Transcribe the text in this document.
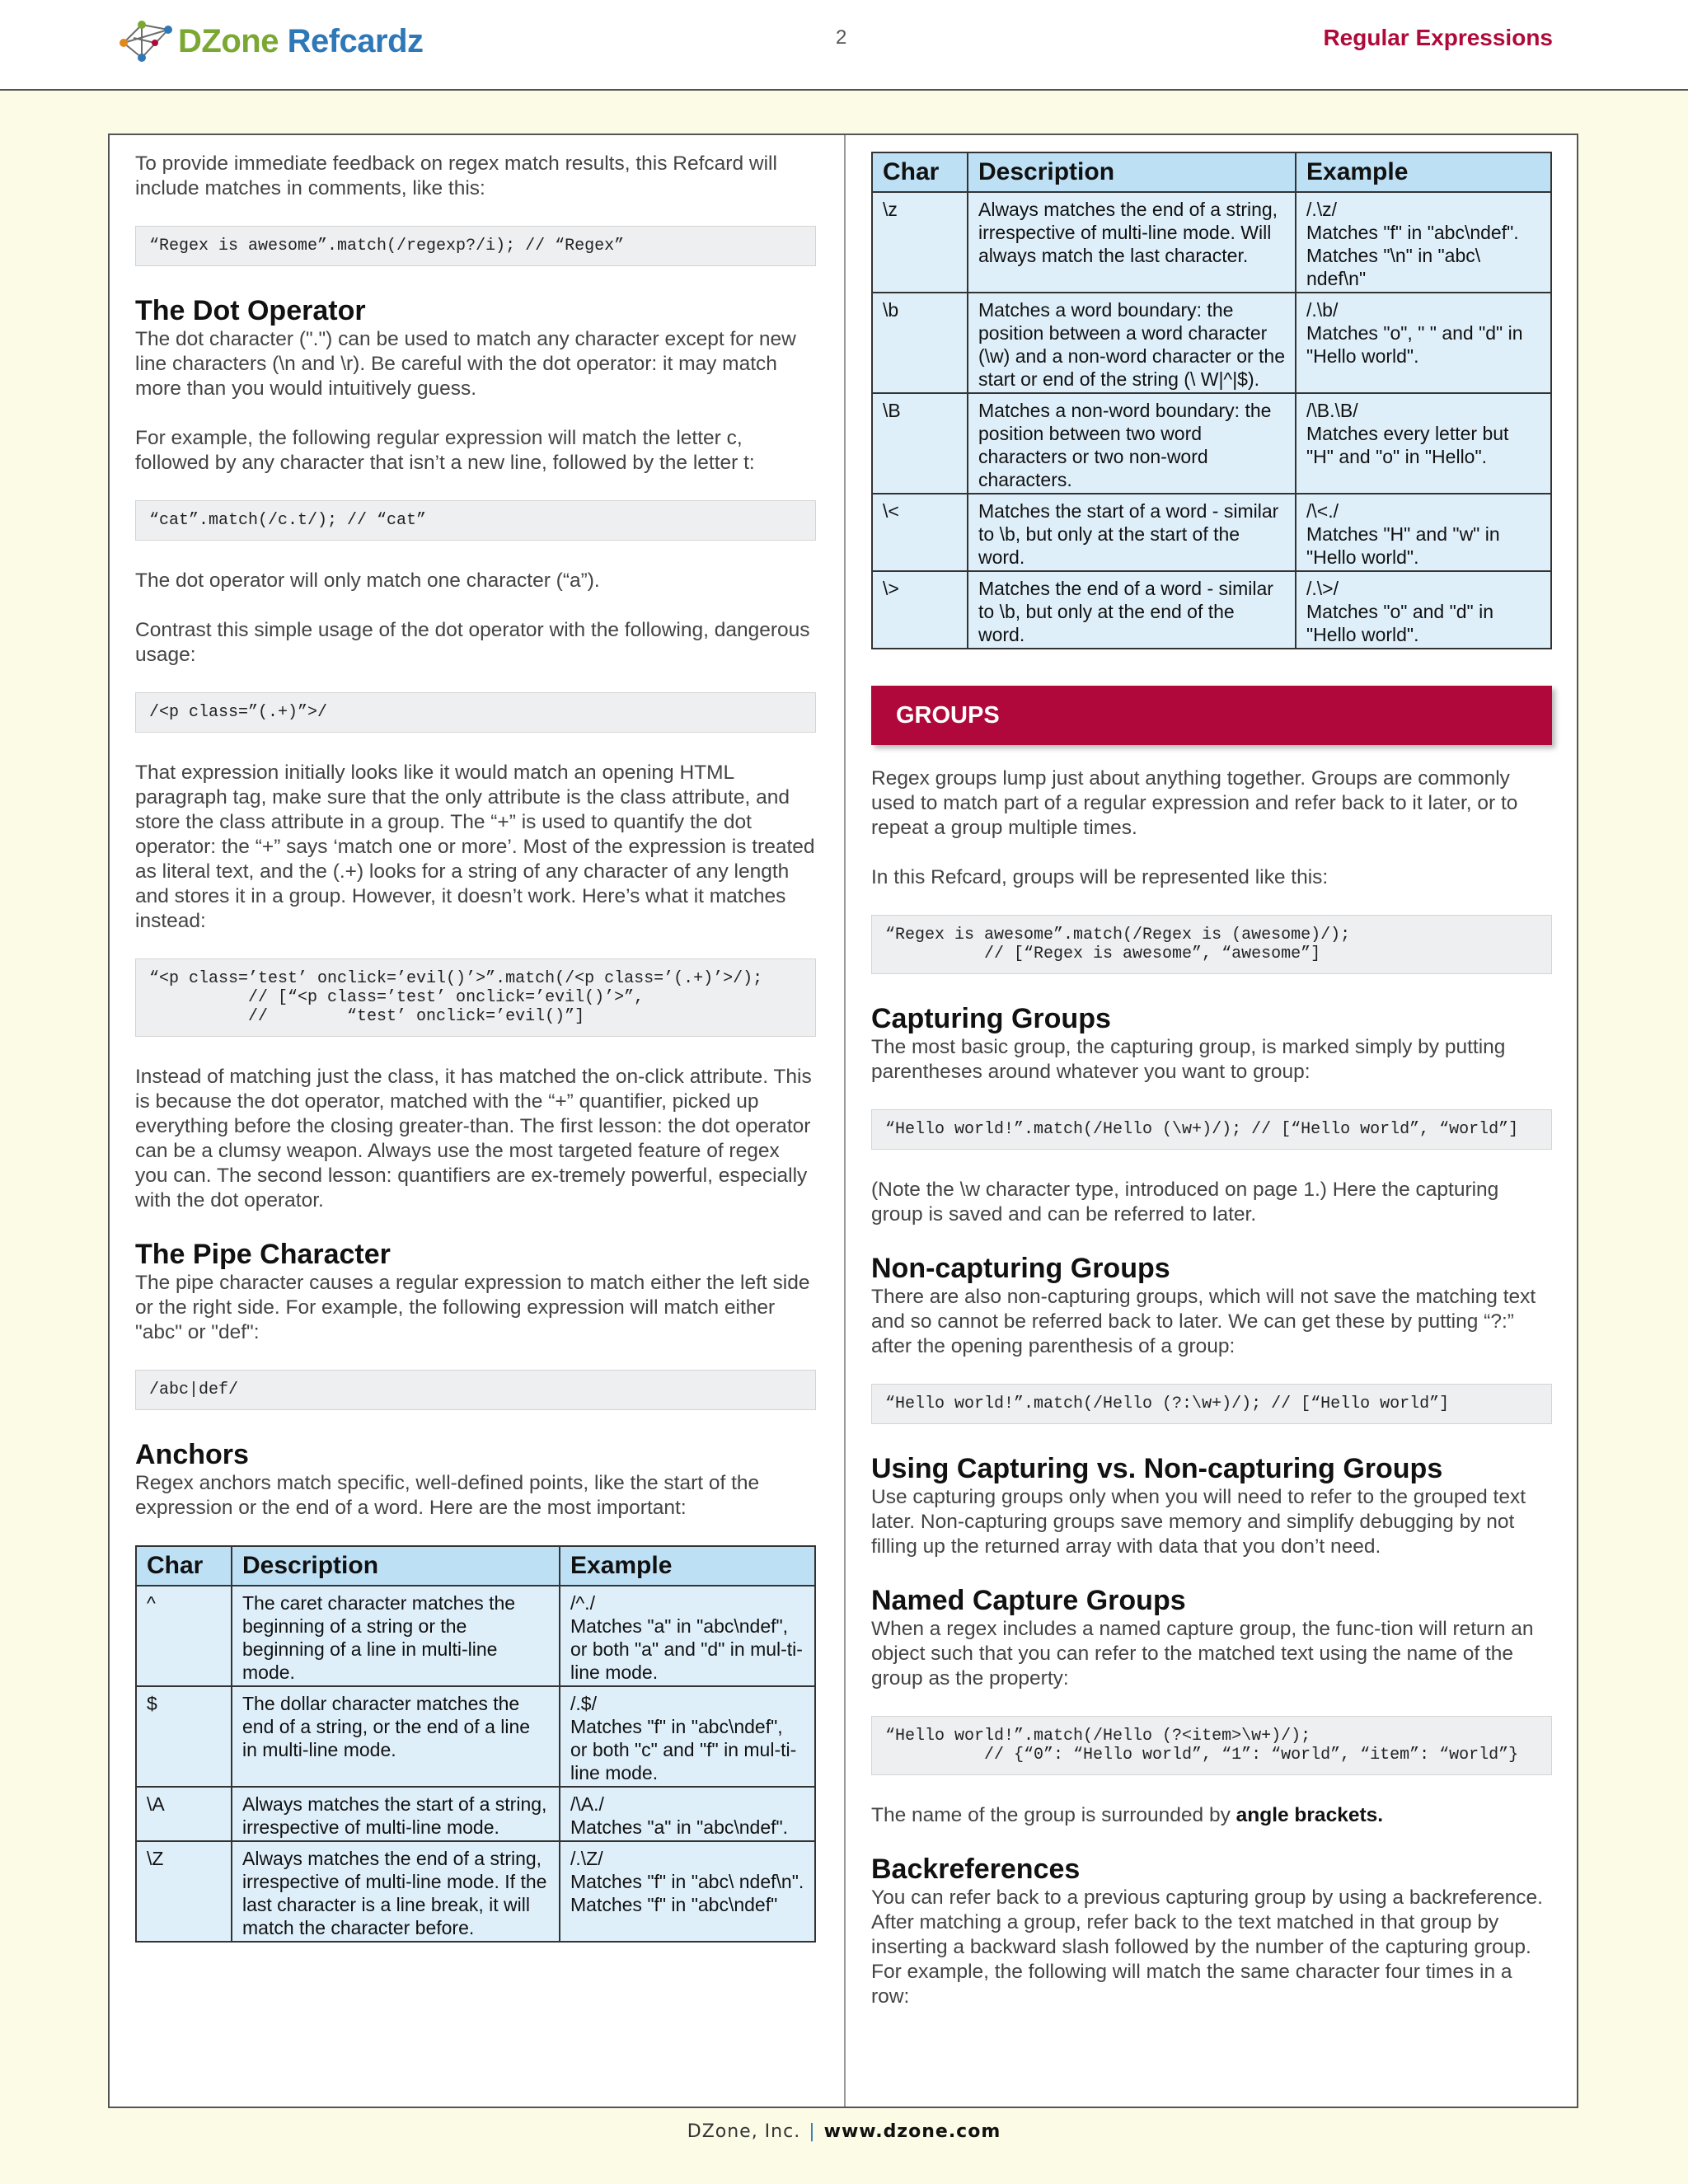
DZone Refcardz	2	Regular Expressions

To provide immediate feedback on regex match results, this Refcard will include matches in comments, like this:

“Regex is awesome”.match(/regexp?/i); // “Regex”
The Dot Operator

The dot character (".") can be used to match any character except for new line characters (\n and \r). Be careful with the dot operator: it may match more than you would intuitively guess.

For example, the following regular expression will match the letter c, followed by any character that isn’t a new line, followed by the letter t:

“cat”.match(/c.t/); // “cat”

The dot operator will only match one character (“a”).

Contrast this simple usage of the dot operator with the following, dangerous usage:

/<p class=”(.+)”>/

That expression initially looks like it would match an opening HTML paragraph tag, make sure that the only attribute is the class attribute, and store the class attribute in a group. The “+” is used to quantify the dot operator: the “+” says ‘match one or more’. Most of the expression is treated as literal text, and the (.+) looks for a string of any character of any length and stores it in a group. However, it doesn’t work. Here’s what it matches instead:

“<p class=’test’ onclick=’evil()’>”.match(/<p class=’(.+)’>/);
// [“<p class=’test’ onclick=’evil()’>”,
//        “test’ onclick=’evil()”]

Instead of matching just the class, it has matched the on-click attribute. This is because the dot operator, matched with the “+” quantifier, picked up everything before the closing greater-than. The first lesson: the dot operator can be a clumsy weapon. Always use the most targeted feature of regex you can. The second lesson: quantifiers are ex-tremely powerful, especially with the dot operator.

The Pipe Character

The pipe character causes a regular expression to match either the left side or the right side. For example, the following expression will match either "abc" or "def":

/abc|def/
Anchors

Regex anchors match specific, well-defined points, like the start of the expression or the end of a word. Here are the most important:

Char	Description	Example
^	The caret character matches the beginning of a string or the beginning of a line in multi-line mode.	/^./
Matches "a" in "abc\ndef", or both "a" and "d" in mul-ti-line mode.
$	The dollar character matches the end of a string, or the end of a line in multi-line mode.	/.$/
Matches "f" in "abc\ndef", or both "c" and "f" in mul-ti-line mode.
\A	Always matches the start of a string, irrespective of multi-line mode.	/\A./
Matches "a" in "abc\ndef".
\Z	Always matches the end of a string, irrespective of multi-line mode. If the last character is a line break, it will match the character before.	/.\Z/
Matches "f" in "abc\ ndef\n". Matches "f" in "abc\ndef"
Char	Description	Example
\z	Always matches the end of a string, irrespective of multi-line mode. Will always match the last character.	/.\z/
Matches "f" in "abc\ndef".
Matches "\n" in "abc\ ndef\n"
\b	Matches a word boundary: the position between a word character (\w) and a non-word character or the start or end of the string (\ W|^|$).	/.\b/
Matches "o", " " and "d" in "Hello world".
\B	Matches a non-word boundary: the position between two word characters or two non-word characters.	/\B.\B/
Matches every letter but "H" and "o" in "Hello".
\<	Matches the start of a word - similar to \b, but only at the start of the word.	/\<./
Matches "H" and "w" in "Hello world".
\>	Matches the end of a word - similar to \b, but only at the end of the word.	/.\>/
Matches "o" and "d" in "Hello world".
GROUPS

Regex groups lump just about anything together. Groups are commonly used to match part of a regular expression and refer back to it later, or to repeat a group multiple times.

In this Refcard, groups will be represented like this:

“Regex is awesome”.match(/Regex is (awesome)/);
// [“Regex is awesome”, “awesome”]
Capturing Groups

The most basic group, the capturing group, is marked simply by putting parentheses around whatever you want to group:

“Hello world!”.match(/Hello (\w+)/); // [“Hello world”, “world”]

(Note the \w character type, introduced on page 1.) Here the capturing group is saved and can be referred to later.

Non-capturing Groups

There are also non-capturing groups, which will not save the matching text and so cannot be referred back to later. We can get these by putting “?:” after the opening parenthesis of a group:

“Hello world!”.match(/Hello (?:\w+)/); // [“Hello world”]
Using Capturing vs. Non-capturing Groups

Use capturing groups only when you will need to refer to the grouped text later. Non-capturing groups save memory and simplify debugging by not filling up the returned array with data that you don’t need.

Named Capture Groups

When a regex includes a named capture group, the func-tion will return an object such that you can refer to the matched text using the name of the group as the property:

“Hello world!”.match(/Hello (?<item>\w+)/);
// {“0”: “Hello world”, “1”: “world”, “item”: “world”}

The name of the group is surrounded by angle brackets.

Backreferences

You can refer back to a previous capturing group by using a backreference. After matching a group, refer back to the text matched in that group by inserting a backward slash followed by the number of the capturing group. For example, the following will match the same character four times in a row:

DZone, Inc. | www.dzone.com
